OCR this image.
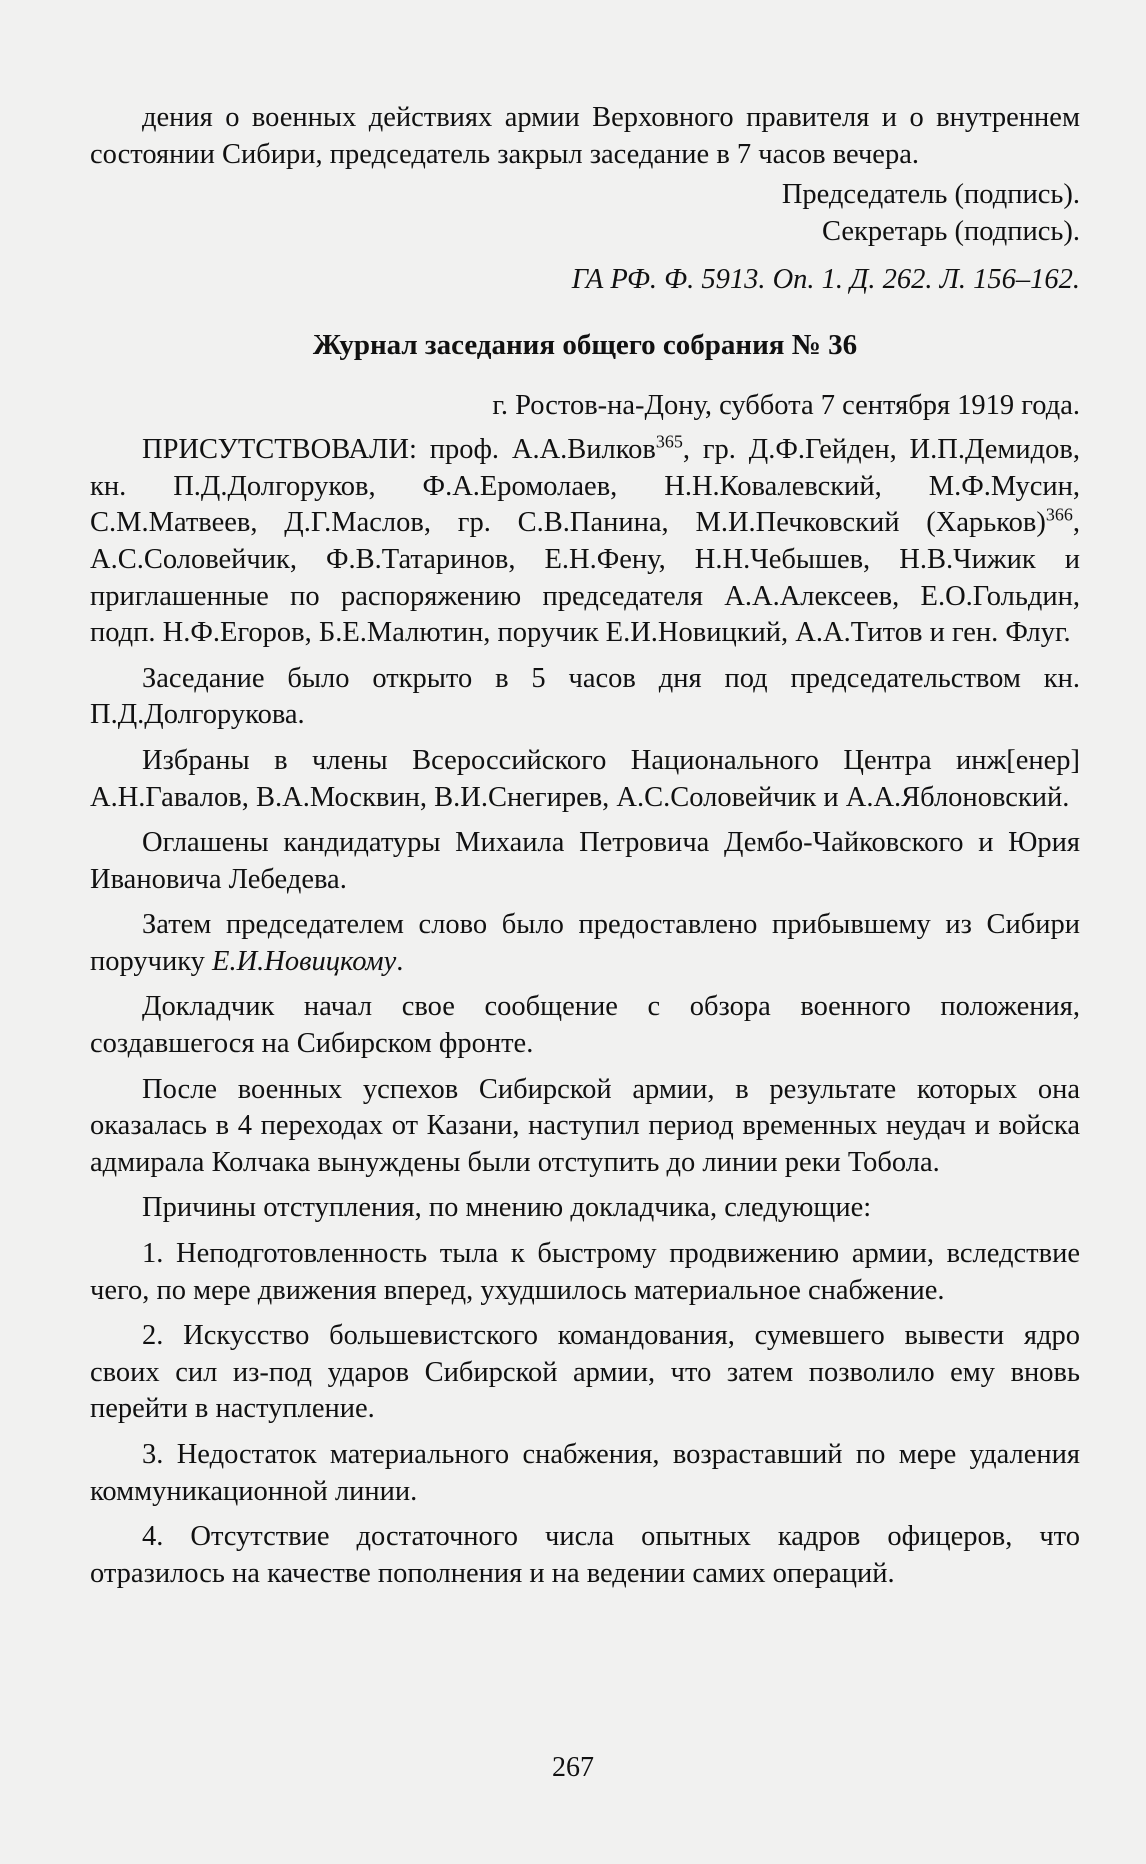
дения о военных действиях армии Верховного правителя и о внутреннем состоянии Сибири, председатель закрыл заседание в 7 часов вечера.

Председатель (подпись).

Секретарь (подпись).

ГА РФ. Ф. 5913. Оп. 1. Д. 262. Л. 156–162.

Журнал заседания общего собрания № 36

г. Ростов-на-Дону, суббота 7 сентября 1919 года.

ПРИСУТСТВОВАЛИ: проф. А.А.Вилков$^{365}$, гр. Д.Ф.Гейден, И.П.Демидов, кн. П.Д.Долгоруков, Ф.А.Еромолаев, Н.Н.Ковалевский, М.Ф.Мусин, С.М.Матвеев, Д.Г.Маслов, гр. С.В.Панина, М.И.Печковский (Харьков)$^{366}$, А.С.Соловейчик, Ф.В.Татаринов, Е.Н.Фену, Н.Н.Чебышев, Н.В.Чижик и приглашенные по распоряжению председателя А.А.Алексеев, Е.О.Гольдин, подп. Н.Ф.Егоров, Б.Е.Малютин, поручик Е.И.Новицкий, А.А.Титов и ген. Флуг.

Заседание было открыто в 5 часов дня под председательством кн. П.Д.Долгорукова.

Избраны в члены Всероссийского Национального Центра инж[енер] А.Н.Гавалов, В.А.Москвин, В.И.Снегирев, А.С.Соловейчик и А.А.Яблоновский.

Оглашены кандидатуры Михаила Петровича Дембо-Чайковского и Юрия Ивановича Лебедева.

Затем председателем слово было предоставлено прибывшему из Сибири поручику Е.И.Новицкому.

Докладчик начал свое сообщение с обзора военного положения, создавшегося на Сибирском фронте.

После военных успехов Сибирской армии, в результате которых она оказалась в 4 переходах от Казани, наступил период временных неудач и войска адмирала Колчака вынуждены были отступить до линии реки Тобола.

Причины отступления, по мнению докладчика, следующие:

1. Неподготовленность тыла к быстрому продвижению армии, вследствие чего, по мере движения вперед, ухудшилось материальное снабжение.

2. Искусство большевистского командования, сумевшего вывести ядро своих сил из-под ударов Сибирской армии, что затем позволило ему вновь перейти в наступление.

3. Недостаток материального снабжения, возраставший по мере удаления коммуникационной линии.

4. Отсутствие достаточного числа опытных кадров офицеров, что отразилось на качестве пополнения и на ведении самих операций.

267
